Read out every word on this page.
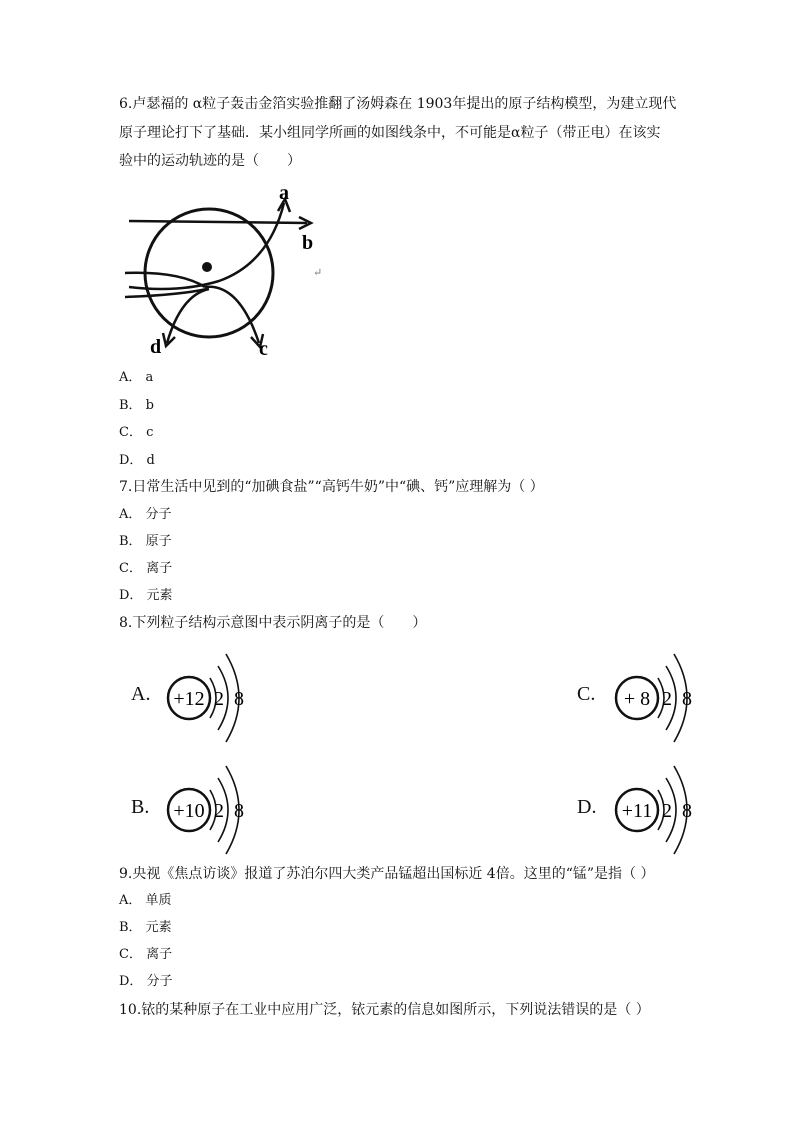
6.卢瑟福的 α粒子轰击金箔实验推翻了汤姆森在 1903年提出的原子结构模型，为建立现代
原子理论打下了基础．某小组同学所画的如图线条中，不可能是α粒子（带正电）在该实
验中的运动轨迹的是（　　）
a
b
c
d
↵
A． a
B． b
C． c
D． d
7.日常生活中见到的“加碘食盐”“高钙牛奶”中“碘、钙”应理解为（ ）
A． 分子
B． 原子
C． 离子
D． 元素
8.下列粒子结构示意图中表示阴离子的是（　　）
A. +12 2 8	C. + 8 2 8
B. +10 2 8	D. +11 2 8
9.央视《焦点访谈》报道了苏泊尔四大类产品锰超出国标近 4倍。这里的“锰”是指（ ）
A． 单质
B． 元素
C． 离子
D． 分子
10.铱的某种原子在工业中应用广泛，铱元素的信息如图所示，下列说法错误的是（ ）
